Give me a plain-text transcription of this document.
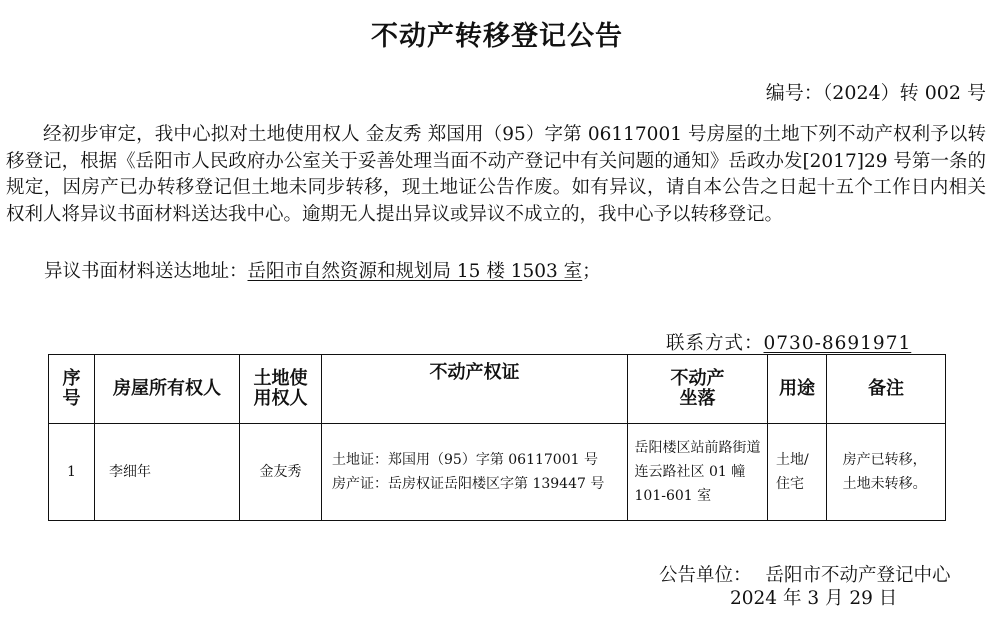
不动产转移登记公告
编号：（2024）转 002 号

经初步审定，我中心拟对土地使用权人 金友秀 郑国用（95）字第 06117001 号房屋的土地下列不动产权利予以转移登记，根据《岳阳市人民政府办公室关于妥善处理当面不动产登记中有关问题的通知》岳政办发[2017]29 号第一条的规定，因房产已办转移登记但土地未同步转移，现土地证公告作废。如有异议，请自本公告之日起十五个工作日内相关权利人将异议书面材料送达我中心。逾期无人提出异议或异议不成立的，我中心予以转移登记。

异议书面材料送达地址：岳阳市自然资源和规划局 15 楼 1503 室；
联系方式：0730-8691971
序号	房屋所有权人	土地使用权人	不动产权证	不动产坐落	用途	备注
1	李细年	金友秀	土地证：郑国用（95）字第 06117001 号
房产证：岳房权证岳阳楼区字第 139447 号	岳阳楼区站前路街道连云路社区 01 幢 101-601 室	土地/住宅	房产已转移，土地未转移。
公告单位： 岳阳市不动产登记中心
2024 年 3 月 29 日
